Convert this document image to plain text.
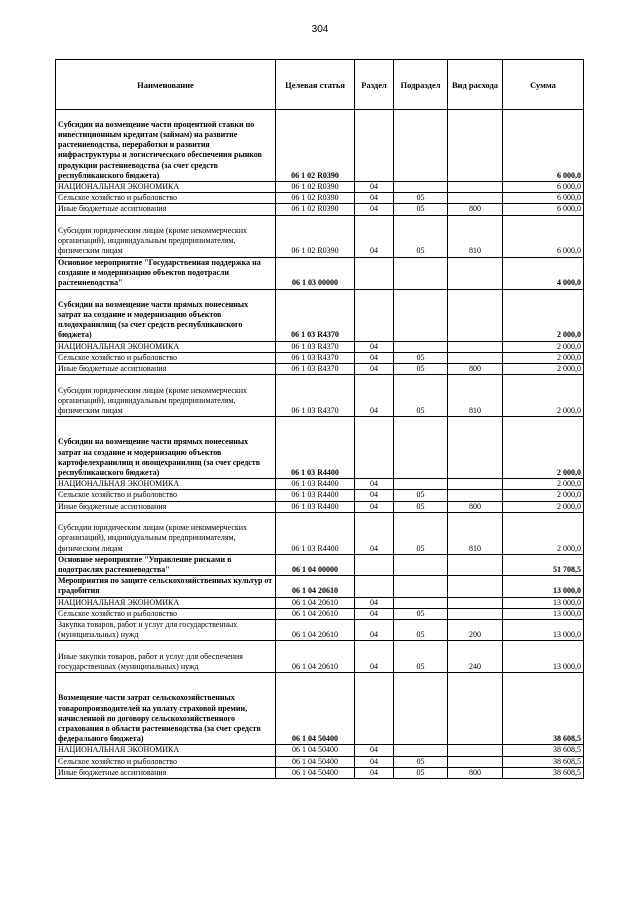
304
Наименование	Целевая статья	Раздел	Подраздел	Вид расхода	Сумма
Субсидии на возмещение части процентной ставки по инвестиционным кредитам (займам) на развитие растениеводства, переработки и развития инфраструктуры и логистического обеспечения рынков продукции растениеводства (за счет средств республиканского бюджета)	06 1 02 R0390				6 000,0
НАЦИОНАЛЬНАЯ ЭКОНОМИКА	06 1 02 R0390	04			6 000,0
Сельское хозяйство и рыболовство	06 1 02 R0390	04	05		6 000,0
Иные бюджетные ассигнования	06 1 02 R0390	04	05	800	6 000,0
Субсидии юридическим лицам (кроме некоммерческих организаций), индивидуальным предпринимателям, физическим лицам	06 1 02 R0390	04	05	810	6 000,0
Основное мероприятие "Государственная поддержка на создание и модернизацию объектов подотрасли растениеводства"	06 1 03 00000				4 000,0
Субсидии на возмещение части прямых понесенных затрат на создание и модернизацию объектов плодохранилищ (за счет средств республиканского бюджета)	06 1 03 R4370				2 000,0
НАЦИОНАЛЬНАЯ ЭКОНОМИКА	06 1 03 R4370	04			2 000,0
Сельское хозяйство и рыболовство	06 1 03 R4370	04	05		2 000,0
Иные бюджетные ассигнования	06 1 03 R4370	04	05	800	2 000,0
Субсидии юридическим лицам (кроме некоммерческих организаций), индивидуальным предпринимателям, физическим лицам	06 1 03 R4370	04	05	810	2 000,0
Субсидии на возмещение части прямых понесенных затрат на создание и модернизацию объектов картофелехранилищ и овощехранилищ (за счет средств республиканского бюджета)	06 1 03 R4400				2 000,0
НАЦИОНАЛЬНАЯ ЭКОНОМИКА	06 1 03 R4400	04			2 000,0
Сельское хозяйство и рыболовство	06 1 03 R4400	04	05		2 000,0
Иные бюджетные ассигнования	06 1 03 R4400	04	05	800	2 000,0
Субсидии юридическим лицам (кроме некоммерческих организаций), индивидуальным предпринимателям, физическим лицам	06 1 03 R4400	04	05	810	2 000,0
Основное мероприятие "Управление рисками в подотраслях растениеводства"	06 1 04 00000				51 708,5
Мероприятия по защите сельскохозяйственных культур от градобития	06 1 04 20610				13 000,0
НАЦИОНАЛЬНАЯ ЭКОНОМИКА	06 1 04 20610	04			13 000,0
Сельское хозяйство и рыболовство	06 1 04 20610	04	05		13 000,0
Закупка товаров, работ и услуг для государственных (муниципальных) нужд	06 1 04 20610	04	05	200	13 000,0
Иные закупки товаров, работ и услуг для обеспечения государственных (муниципальных) нужд	06 1 04 20610	04	05	240	13 000,0
Возмещение части затрат сельскохозяйственных товаропроизводителей на уплату страховой премии, начисленной по договору сельскохозяйственного страхования в области растениеводства (за счет средств федерального бюджета)	06 1 04 50400				38 608,5
НАЦИОНАЛЬНАЯ ЭКОНОМИКА	06 1 04 50400	04			38 608,5
Сельское хозяйство и рыболовство	06 1 04 50400	04	05		38 608,5
Иные бюджетные ассигнования	06 1 04 50400	04	05	800	38 608,5
